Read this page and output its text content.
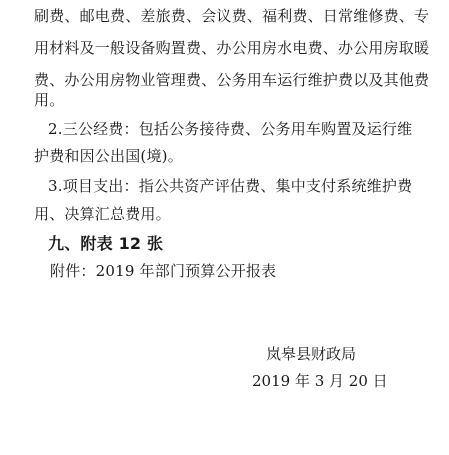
刷费、邮电费、差旅费、会议费、福利费、日常维修费、专
用材料及一般设备购置费、办公用房水电费、办公用房取暖
费、办公用房物业管理费、公务用车运行维护费以及其他费
用。
2.三公经费：包括公务接待费、公务用车购置及运行维
护费和因公出国(境)。
3.项目支出：指公共资产评估费、集中支付系统维护费
用、决算汇总费用。
九、附表 12 张
附件：2019 年部门预算公开报表
岚皋县财政局
2019 年 3 月 20 日
